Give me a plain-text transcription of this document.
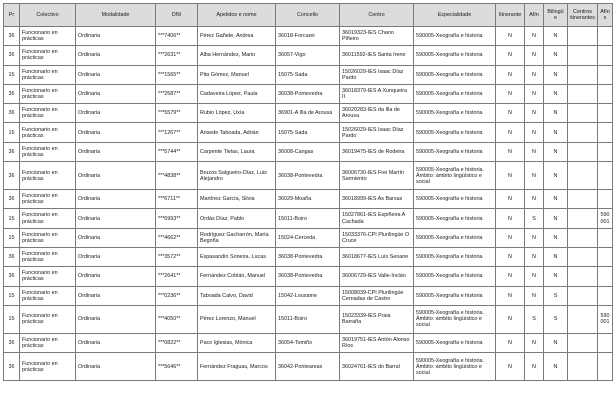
Pr	Colectivo	Modalidade	DNI	Apelidos e nome	Concello	Centro	Especialidade	Itinerante	Afín	Bilingüe	Centros itinerantes	Afíns
36	Funcionario en prácticas	Ordinaria	***7406**	Pérez Gañete, Andrea	36018-Forcarei	36019323-IES Chano Piñeiro	590005-Xeografía e historia	N	N	N		
36	Funcionario en prácticas	Ordinaria	***2631**	Alba Hernández, Mario	36057-Vigo	36011592-IES Santa Irene	590005-Xeografía e historia	N	N	N		
15	Funcionario en prácticas	Ordinaria	***1565**	Pita Gómez, Manuel	15075-Sada	15026029-IES Isaac Díaz Pardo	590005-Xeografía e historia	N	N	N		
36	Funcionario en prácticas	Ordinaria	***2587**	Cadaveira López, Paula	36038-Pontevedra	36018379-IES A Xunqueira II	590005-Xeografía e historia	N	N	N		
36	Funcionario en prácticas	Ordinaria	***5579**	Rubio López, Uxía	36901-A Illa de Arousa	36020283-IES da Illa de Arousa	590005-Xeografía e historia	N	N	N		
15	Funcionario en prácticas	Ordinaria	***1267**	Ansede Taboada, Adrián	15075-Sada	15026029-IES Isaac Díaz Pardo	590005-Xeografía e historia	N	N	N		
36	Funcionario en prácticas	Ordinaria	***5744**	Carpente Tielas, Laura	36008-Cangas	36019475-IES de Rodeira	590005-Xeografía e historia	N	N	N		
36	Funcionario en prácticas	Ordinaria	***4838**	Bruzos Salgueiro-Díaz, Luis Alejandro	36038-Pontevedra	36006730-IES Frei Martín Sarmiento	590005-Xeografía e historia. Ámbito: ámbito lingüístico e social	N	N	N		
36	Funcionario en prácticas	Ordinaria	***6711**	Martínez García, Silvia	36029-Moaña	36018999-IES As Barxas	590005-Xeografía e historia	N	N	N		
15	Funcionario en prácticas	Ordinaria	***6993**	Ordás Díaz, Pablo	15011-Boiro	15027861-IES Espiñeira A Cachada	590005-Xeografía e historia	N	S	N		590001
15	Funcionario en prácticas	Ordinaria	***4662**	Rodríguez Gacharrón, María Begoña	15024-Cerceda	15033376-CPI Plurilingüe O Cruce	590005-Xeografía e historia	N	N	N		
36	Funcionario en prácticas	Ordinaria	***3572**	Espasandín Soneira, Lucas	36038-Pontevedra	36018677-IES Luís Seoane	590005-Xeografía e historia	N	N	N		
36	Funcionario en prácticas	Ordinaria	***2641**	Fernández Cobián, Manuel	36038-Pontevedra	36006729-IES Valle-Inclán	590005-Xeografía e historia	N	N	N		
15	Funcionario en prácticas	Ordinaria	***0236**	Taboada Calvo, David	15042-Lousame	15008039-CPI Plurilingüe Cernadas de Castro	590005-Xeografía e historia	N	N	S		
15	Funcionario en prácticas	Ordinaria	***4050**	Pérez Lorenzo, Manuel	15011-Boiro	15023339-IES Praia Barraña	590005-Xeografía e historia. Ámbito: ámbito lingüístico e social	N	S	S		590001
36	Funcionario en prácticas	Ordinaria	***0822**	Paco Iglesias, Mónica	36054-Tomiño	36019751-IES Antón Alonso Ríos	590005-Xeografía e historia	N	N	N		
36	Funcionario en prácticas	Ordinaria	***5646**	Fernández Fraguas, Marcos	36042-Ponteareas	36024761-IES do Barral	590005-Xeografía e historia. Ámbito: ámbito lingüístico e social	N	N	N		
